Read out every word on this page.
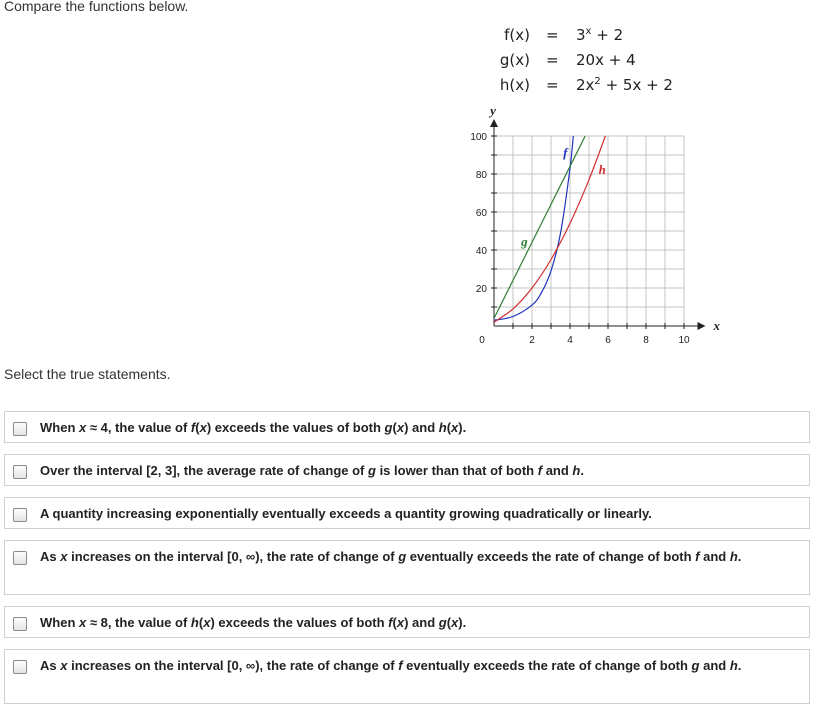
Compare the functions below.
$f(x) = 3^x + 2$
g(x) = 20x + 4
$h(x) = 2x^2 + 5x + 2$
0	2	4	6	8	10
20
40
60
80
100
x
y
f
g
h
Select the true statements.
When x ≈ 4, the value of f(x) exceeds the values of both g(x) and h(x).
Over the interval [2, 3], the average rate of change of g is lower than that of both f and h.
A quantity increasing exponentially eventually exceeds a quantity growing quadratically or linearly.
As x increases on the interval [0, ∞), the rate of change of g eventually exceeds the rate of change of both f and h.
When x ≈ 8, the value of h(x) exceeds the values of both f(x) and g(x).
As x increases on the interval [0, ∞), the rate of change of f eventually exceeds the rate of change of both g and h.
